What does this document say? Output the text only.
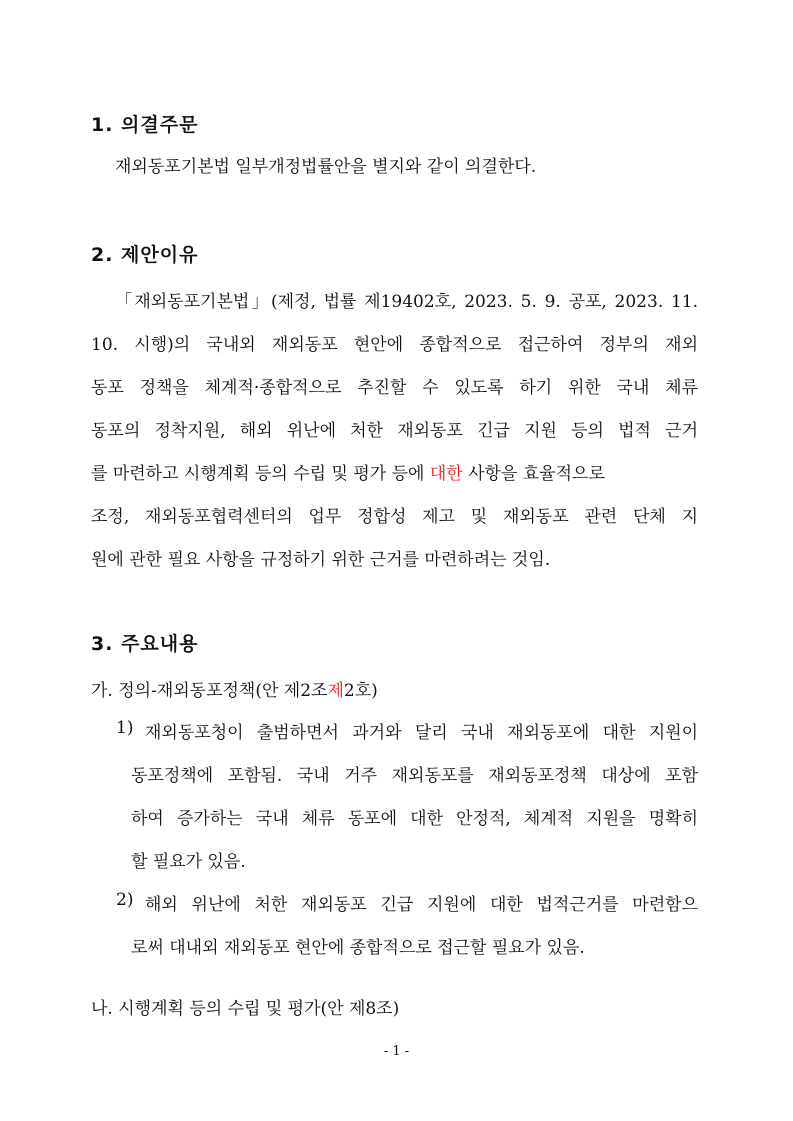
1. 의결주문
재외동포기본법 일부개정법률안을 별지와 같이 의결한다.
2. 제안이유
「재외동포기본법」(제정, 법률 제19402호, 2023. 5. 9. 공포, 2023. 11.
10. 시행)의 국내외 재외동포 현안에 종합적으로 접근하여 정부의 재외
동포 정책을 체계적·종합적으로 추진할 수 있도록 하기 위한 국내 체류
동포의 정착지원, 해외 위난에 처한 재외동포 긴급 지원 등의 법적 근거
를 마련하고 시행계획 등의 수립 및 평가 등에 대한 사항을 효율적으로
조정, 재외동포협력센터의 업무 정합성 제고 및 재외동포 관련 단체 지
원에 관한 필요 사항을 규정하기 위한 근거를 마련하려는 것임.
3. 주요내용
가. 정의-재외동포정책(안 제2조제2호)
1) 재외동포청이 출범하면서 과거와 달리 국내 재외동포에 대한 지원이
동포정책에 포함됨. 국내 거주 재외동포를 재외동포정책 대상에 포함
하여 증가하는 국내 체류 동포에 대한 안정적, 체계적 지원을 명확히
할 필요가 있음.
2) 해외 위난에 처한 재외동포 긴급 지원에 대한 법적근거를 마련함으
로써 대내외 재외동포 현안에 종합적으로 접근할 필요가 있음.
나. 시행계획 등의 수립 및 평가(안 제8조)
- 1 -
